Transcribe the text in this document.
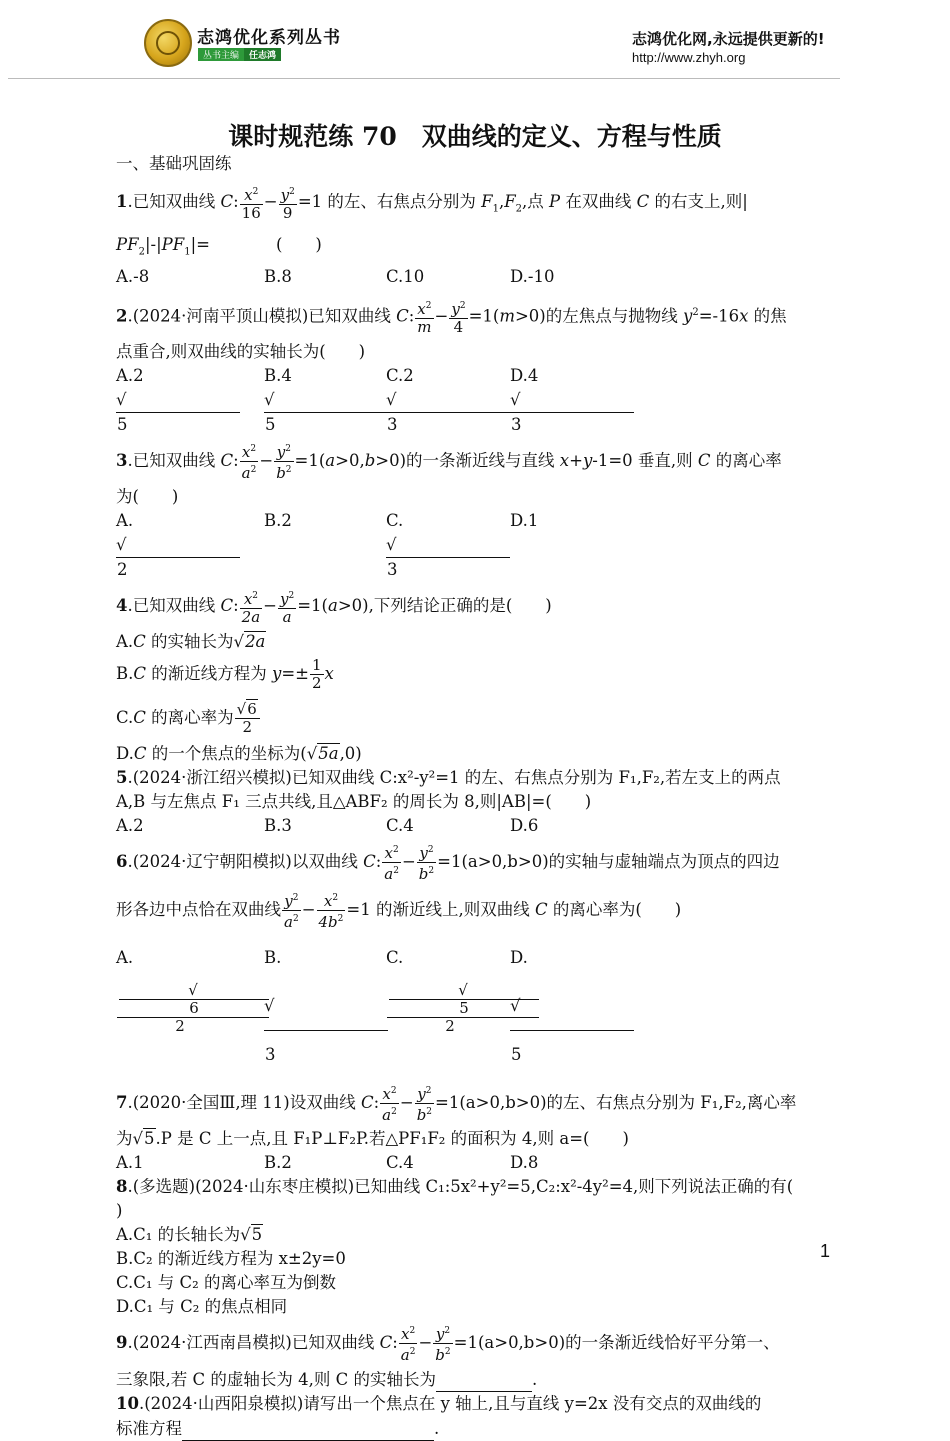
志鸿优化系列丛书
丛书主编	任志鸿
志鸿优化网,永远提供更新的!
http://www.zhyh.org
课时规范练 70　双曲线的定义、方程与性质
一、基础巩固练
1.已知双曲线 C: $\frac{x^2}{16} - \frac{y^2}{9} =1$ 的左、右焦点分别为 $F_1,F_2$,点 P 在双曲线 C 的右支上,则|
$PF_2|-|PF_1|=$　　　　(　　)
A.-8	B.8	C.10	D.-10
2.(2024·河南平顶山模拟)已知双曲线 C: $\frac{x^2}{m} - \frac{y^2}{4} =1(m>0)$的左焦点与抛物线 $y^2=-16x$ 的焦
点重合,则双曲线的实轴长为(　　)
A.2
√
5
B.4
√
5
C.2
√
3
D.4
√
3
3.已知双曲线 C: $\frac{x^2}{a^2} - \frac{y^2}{b^2} =1(a>0,b>0)$的一条渐近线与直线 x+y-1=0 垂直,则 C 的离心率
为(　　)
A.
√
2
B.2	C.
√
3
D.1
4.已知双曲线 C: $\frac{x^2}{2a} - \frac{y^2}{a} =1(a>0)$,下列结论正确的是(　　)
A.C 的实轴长为√2a
B.C 的渐近线方程为 $y=\pm \frac{1}{2}$ x
C.C 的离心率为 $\frac{√6}{2}$
D.C 的一个焦点的坐标为(√5a,0)
5.(2024·浙江绍兴模拟)已知双曲线 C:x²-y²=1 的左、右焦点分别为 F₁,F₂,若左支上的两点
A,B 与左焦点 F₁ 三点共线,且△ABF₂ 的周长为 8,则|AB|=(　　)
A.2	B.3	C.4	D.6
6.(2024·辽宁朝阳模拟)以双曲线 C: $\frac{x^2}{a^2} - \frac{y^2}{b^2} =1(a>0,b>0)$的实轴与虚轴端点为顶点的四边
形各边中点恰在双曲线 $\frac{y^2}{a^2} - \frac{x^2}{4b^2} =1$ 的渐近线上,则双曲线 C 的离心率为(　　)
A.
√
6
2
B.
√
3
C.
√
5
2
D.
√
5
7.(2020·全国Ⅲ,理 11)设双曲线 C: $\frac{x^2}{a^2} - \frac{y^2}{b^2} =1(a>0,b>0)$的左、右焦点分别为 F₁,F₂,离心率
为√5.P 是 C 上一点,且 F₁P⊥F₂P.若△PF₁F₂ 的面积为 4,则 a=(　　)
A.1	B.2	C.4	D.8
8.(多选题)(2024·山东枣庄模拟)已知曲线 C₁:5x²+y²=5,C₂:x²-4y²=4,则下列说法正确的有(
)
A.C₁ 的长轴长为√5
B.C₂ 的渐近线方程为 x±2y=0
C.C₁ 与 C₂ 的离心率互为倒数
D.C₁ 与 C₂ 的焦点相同
9.(2024·江西南昌模拟)已知双曲线 C: $\frac{x^2}{a^2} - \frac{y^2}{b^2} =1(a>0,b>0)$的一条渐近线恰好平分第一、
三象限,若 C 的虚轴长为 4,则 C 的实轴长为	.
10.(2024·山西阳泉模拟)请写出一个焦点在 y 轴上,且与直线 y=2x 没有交点的双曲线的
标准方程	.
1
